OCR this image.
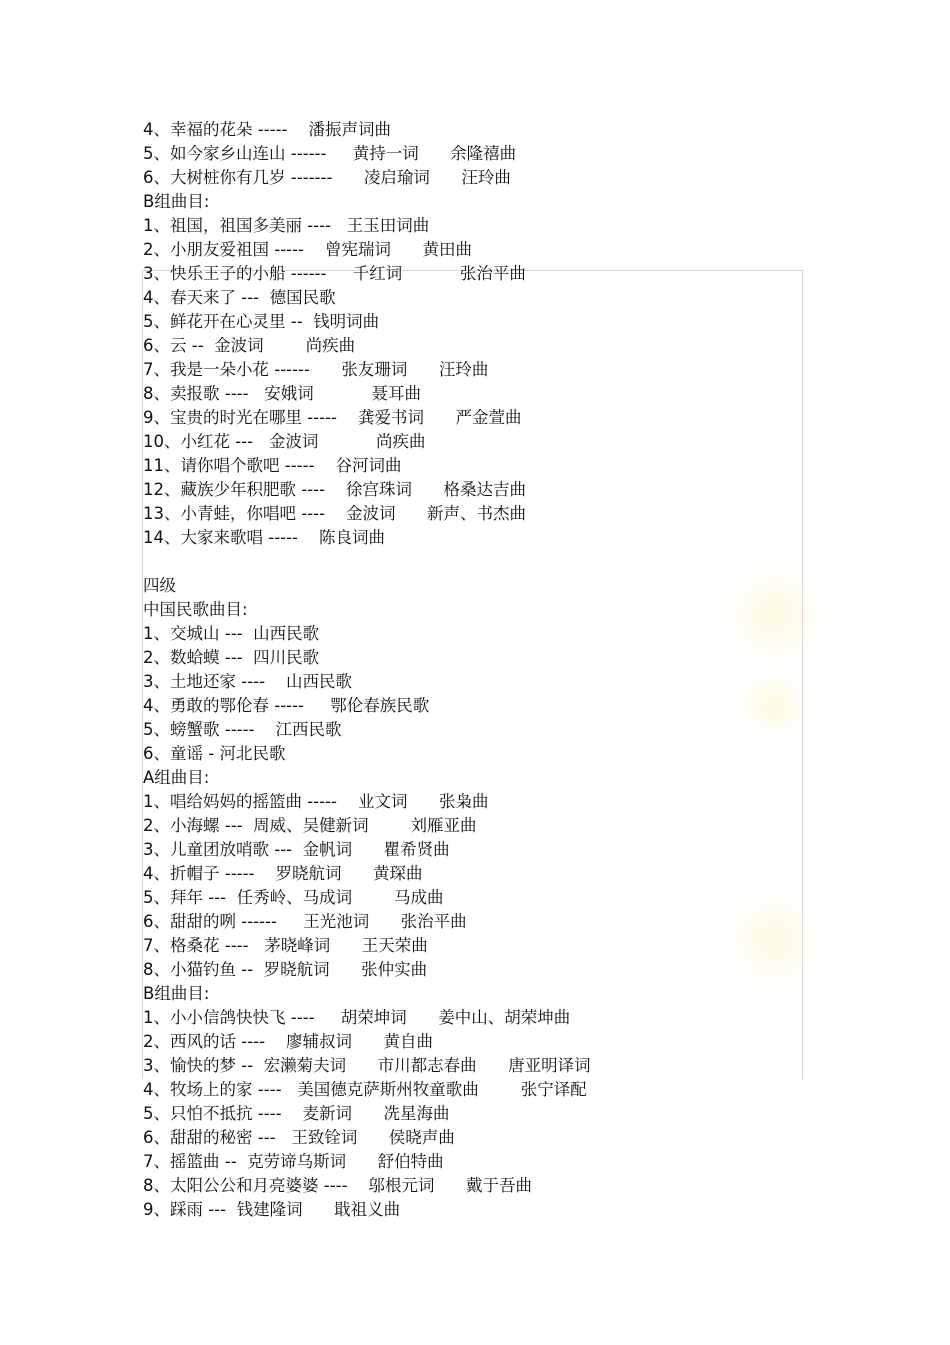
4、幸福的花朵 -----    潘振声词曲
5、如今家乡山连山 ------     黄持一词      余隆禧曲
6、大树桩你有几岁 -------      凌启瑜词      汪玲曲
B组曲目:
1、祖国，祖国多美丽 ----   王玉田词曲
2、小朋友爱祖国 -----    曾宪瑞词      黄田曲
3、快乐王子的小船 ------     千红词           张治平曲
4、春天来了 ---  德国民歌
5、鲜花开在心灵里 --  钱明词曲
6、云 --  金波词        尚疾曲
7、我是一朵小花 ------      张友珊词      汪玲曲
8、卖报歌 ----   安娥词           聂耳曲
9、宝贵的时光在哪里 -----    龚爱书词      严金萱曲
10、小红花 ---   金波词           尚疾曲
11、请你唱个歌吧 -----    谷河词曲
12、藏族少年积肥歌 ----    徐宫珠词      格桑达吉曲
13、小青蛙，你唱吧 ----    金波词      新声、书杰曲
14、大家来歌唱 -----    陈良词曲
四级
中国民歌曲目:
1、交城山 ---  山西民歌
2、数蛤蟆 ---  四川民歌
3、土地还家 ----    山西民歌
4、勇敢的鄂伦春 -----     鄂伦春族民歌
5、螃蟹歌 -----    江西民歌
6、童谣 - 河北民歌
A组曲目:
1、唱给妈妈的摇篮曲 -----    业文词      张枭曲
2、小海螺 ---  周威、吴健新词        刘雁亚曲
3、儿童团放哨歌 ---  金帆词      瞿希贤曲
4、折帽子 -----    罗晓航词      黄琛曲
5、拜年 ---  任秀岭、马成词        马成曲
6、甜甜的咧 ------     王光池词      张治平曲
7、格桑花 ----   茅晓峰词      王天荣曲
8、小猫钓鱼 --  罗晓航词      张仲实曲
B组曲目:
1、小小信鸽快快飞 ----     胡荣坤词      姜中山、胡荣坤曲
2、西风的话 ----    廖辅叔词      黄自曲
3、愉快的梦 --  宏濑菊夫词      市川都志春曲      唐亚明译词
4、牧场上的家 ----   美国德克萨斯州牧童歌曲        张宁译配
5、只怕不抵抗 ----    麦新词      冼星海曲
6、甜甜的秘密 ---   王致铨词      侯晓声曲
7、摇篮曲 --  克劳谛乌斯词      舒伯特曲
8、太阳公公和月亮婆婆 ----    邬根元词      戴于吾曲
9、踩雨 ---  钱建隆词      戢祖义曲
